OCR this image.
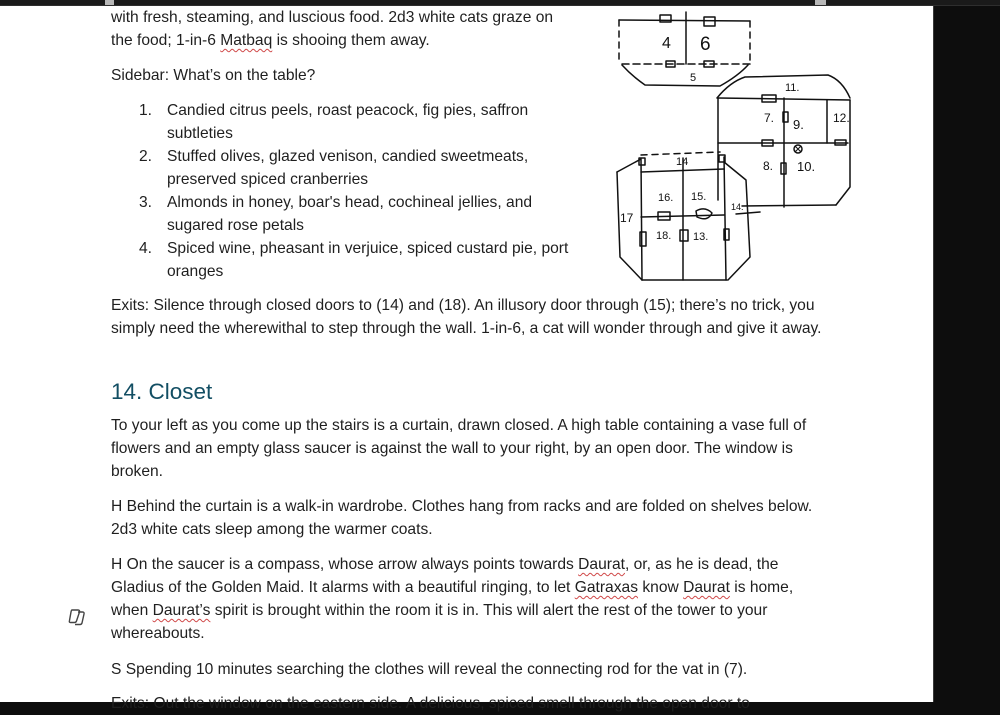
4 6
5
11.
7. 9. 12.
8. 10.
14
16. 15.
17
18. 13.
14.
with fresh, steaming, and luscious food. 2d3 white cats graze on
the food; 1-in-6 Matbaq is shooing them away.
Sidebar: What’s on the table?
1. Candied citrus peels, roast peacock, fig pies, saffron subtleties
2. Stuffed olives, glazed venison, candied sweetmeats, preserved spiced cranberries
3. Almonds in honey, boar's head, cochineal jellies, and sugared rose petals
4. Spiced wine, pheasant in verjuice, spiced custard pie, port oranges
Exits: Silence through closed doors to (14) and (18). An illusory door through (15); there’s no trick, you simply need the wherewithal to step through the wall. 1-in-6, a cat will wonder through and give it away.
14. Closet
To your left as you come up the stairs is a curtain, drawn closed. A high table containing a vase full of flowers and an empty glass saucer is against the wall to your right, by an open door. The window is broken.
H Behind the curtain is a walk-in wardrobe. Clothes hang from racks and are folded on shelves below. 2d3 white cats sleep among the warmer coats.
H On the saucer is a compass, whose arrow always points towards Daurat, or, as he is dead, the Gladius of the Golden Maid. It alarms with a beautiful ringing, to let Gatraxas know Daurat is home, when Daurat’s spirit is brought within the room it is in. This will alert the rest of the tower to your whereabouts.
S Spending 10 minutes searching the clothes will reveal the connecting rod for the vat in (7).
Exits: Out the window on the eastern side. A delicious, spiced smell through the open door to
